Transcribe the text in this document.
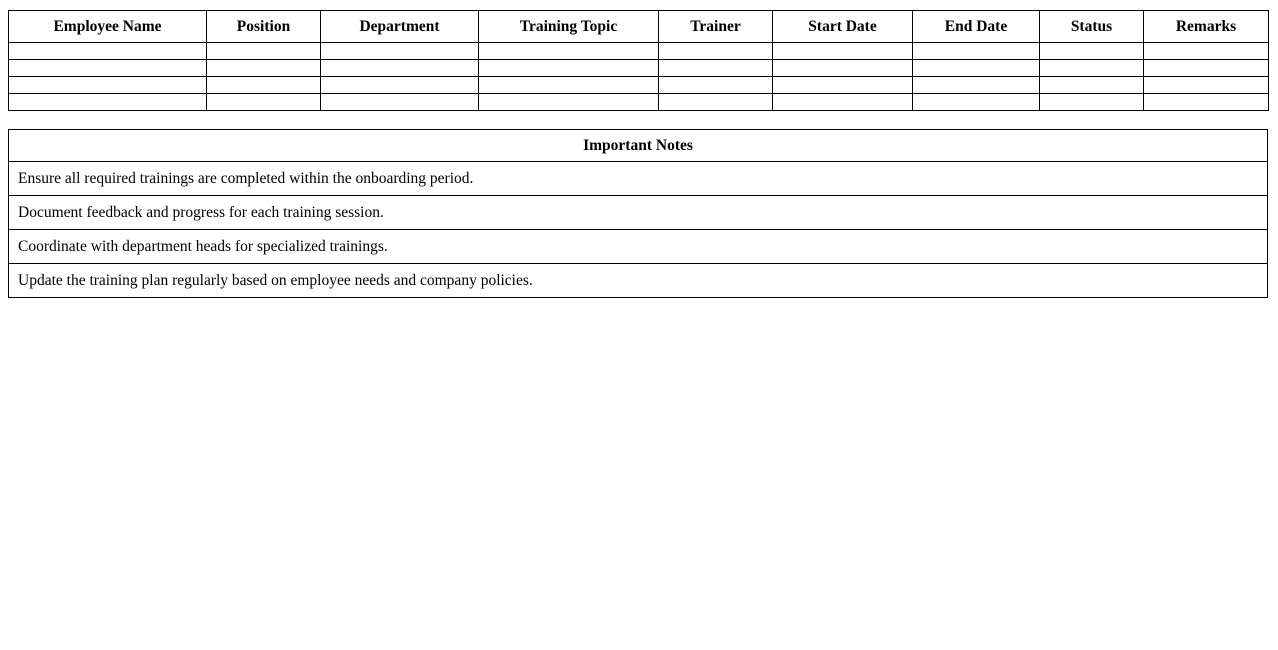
Employee Name	Position	Department	Training Topic	Trainer	Start Date	End Date	Status	Remarks

Important Notes
Ensure all required trainings are completed within the onboarding period.
Document feedback and progress for each training session.
Coordinate with department heads for specialized trainings.
Update the training plan regularly based on employee needs and company policies.
